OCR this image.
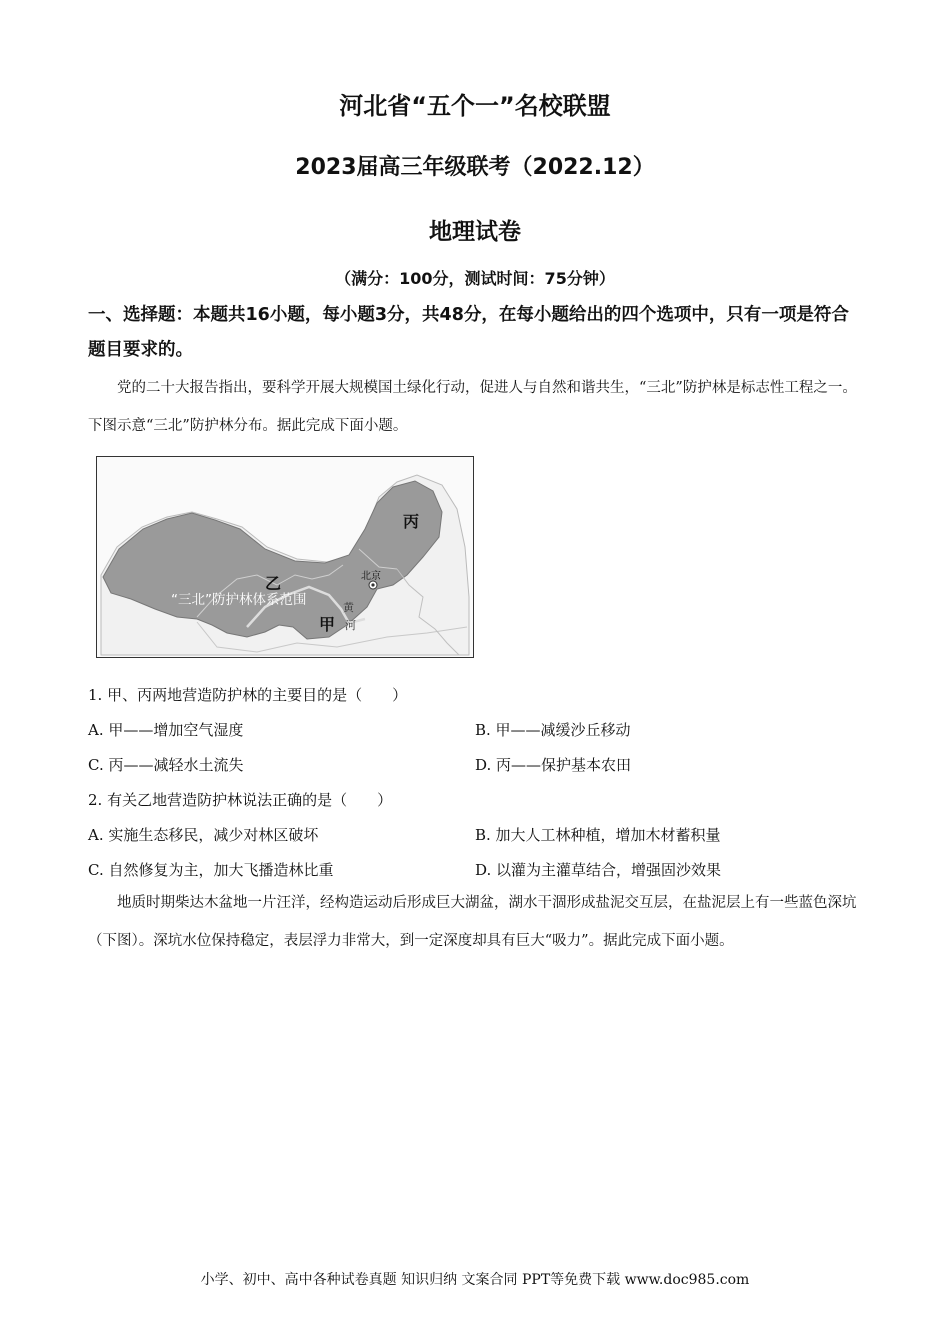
河北省“五个一”名校联盟
2023届高三年级联考（2022.12）
地理试卷
（满分：100分，测试时间：75分钟）
一、选择题：本题共16小题，每小题3分，共48分，在每小题给出的四个选项中，只有一项是符合题目要求的。
党的二十大报告指出，要科学开展大规模国土绿化行动，促进人与自然和谐共生，“三北”防护林是标志性工程之一。下图示意“三北”防护林分布。据此完成下面小题。
丙
乙
甲
北京
黄
河
“三北”防护林体系范围
1. 甲、丙两地营造防护林的主要目的是（　　）
A. 甲——增加空气湿度	B. 甲——减缓沙丘移动
C. 丙——减轻水土流失	D. 丙——保护基本农田
2. 有关乙地营造防护林说法正确的是（　　）
A. 实施生态移民，减少对林区破坏	B. 加大人工林种植，增加木材蓄积量
C. 自然修复为主，加大飞播造林比重	D. 以灌为主灌草结合，增强固沙效果
地质时期柴达木盆地一片汪洋，经构造运动后形成巨大湖盆，湖水干涸形成盐泥交互层，在盐泥层上有一些蓝色深坑（下图）。深坑水位保持稳定，表层浮力非常大，到一定深度却具有巨大“吸力”。据此完成下面小题。
小学、初中、高中各种试卷真题 知识归纳 文案合同 PPT等免费下载 www.doc985.com
